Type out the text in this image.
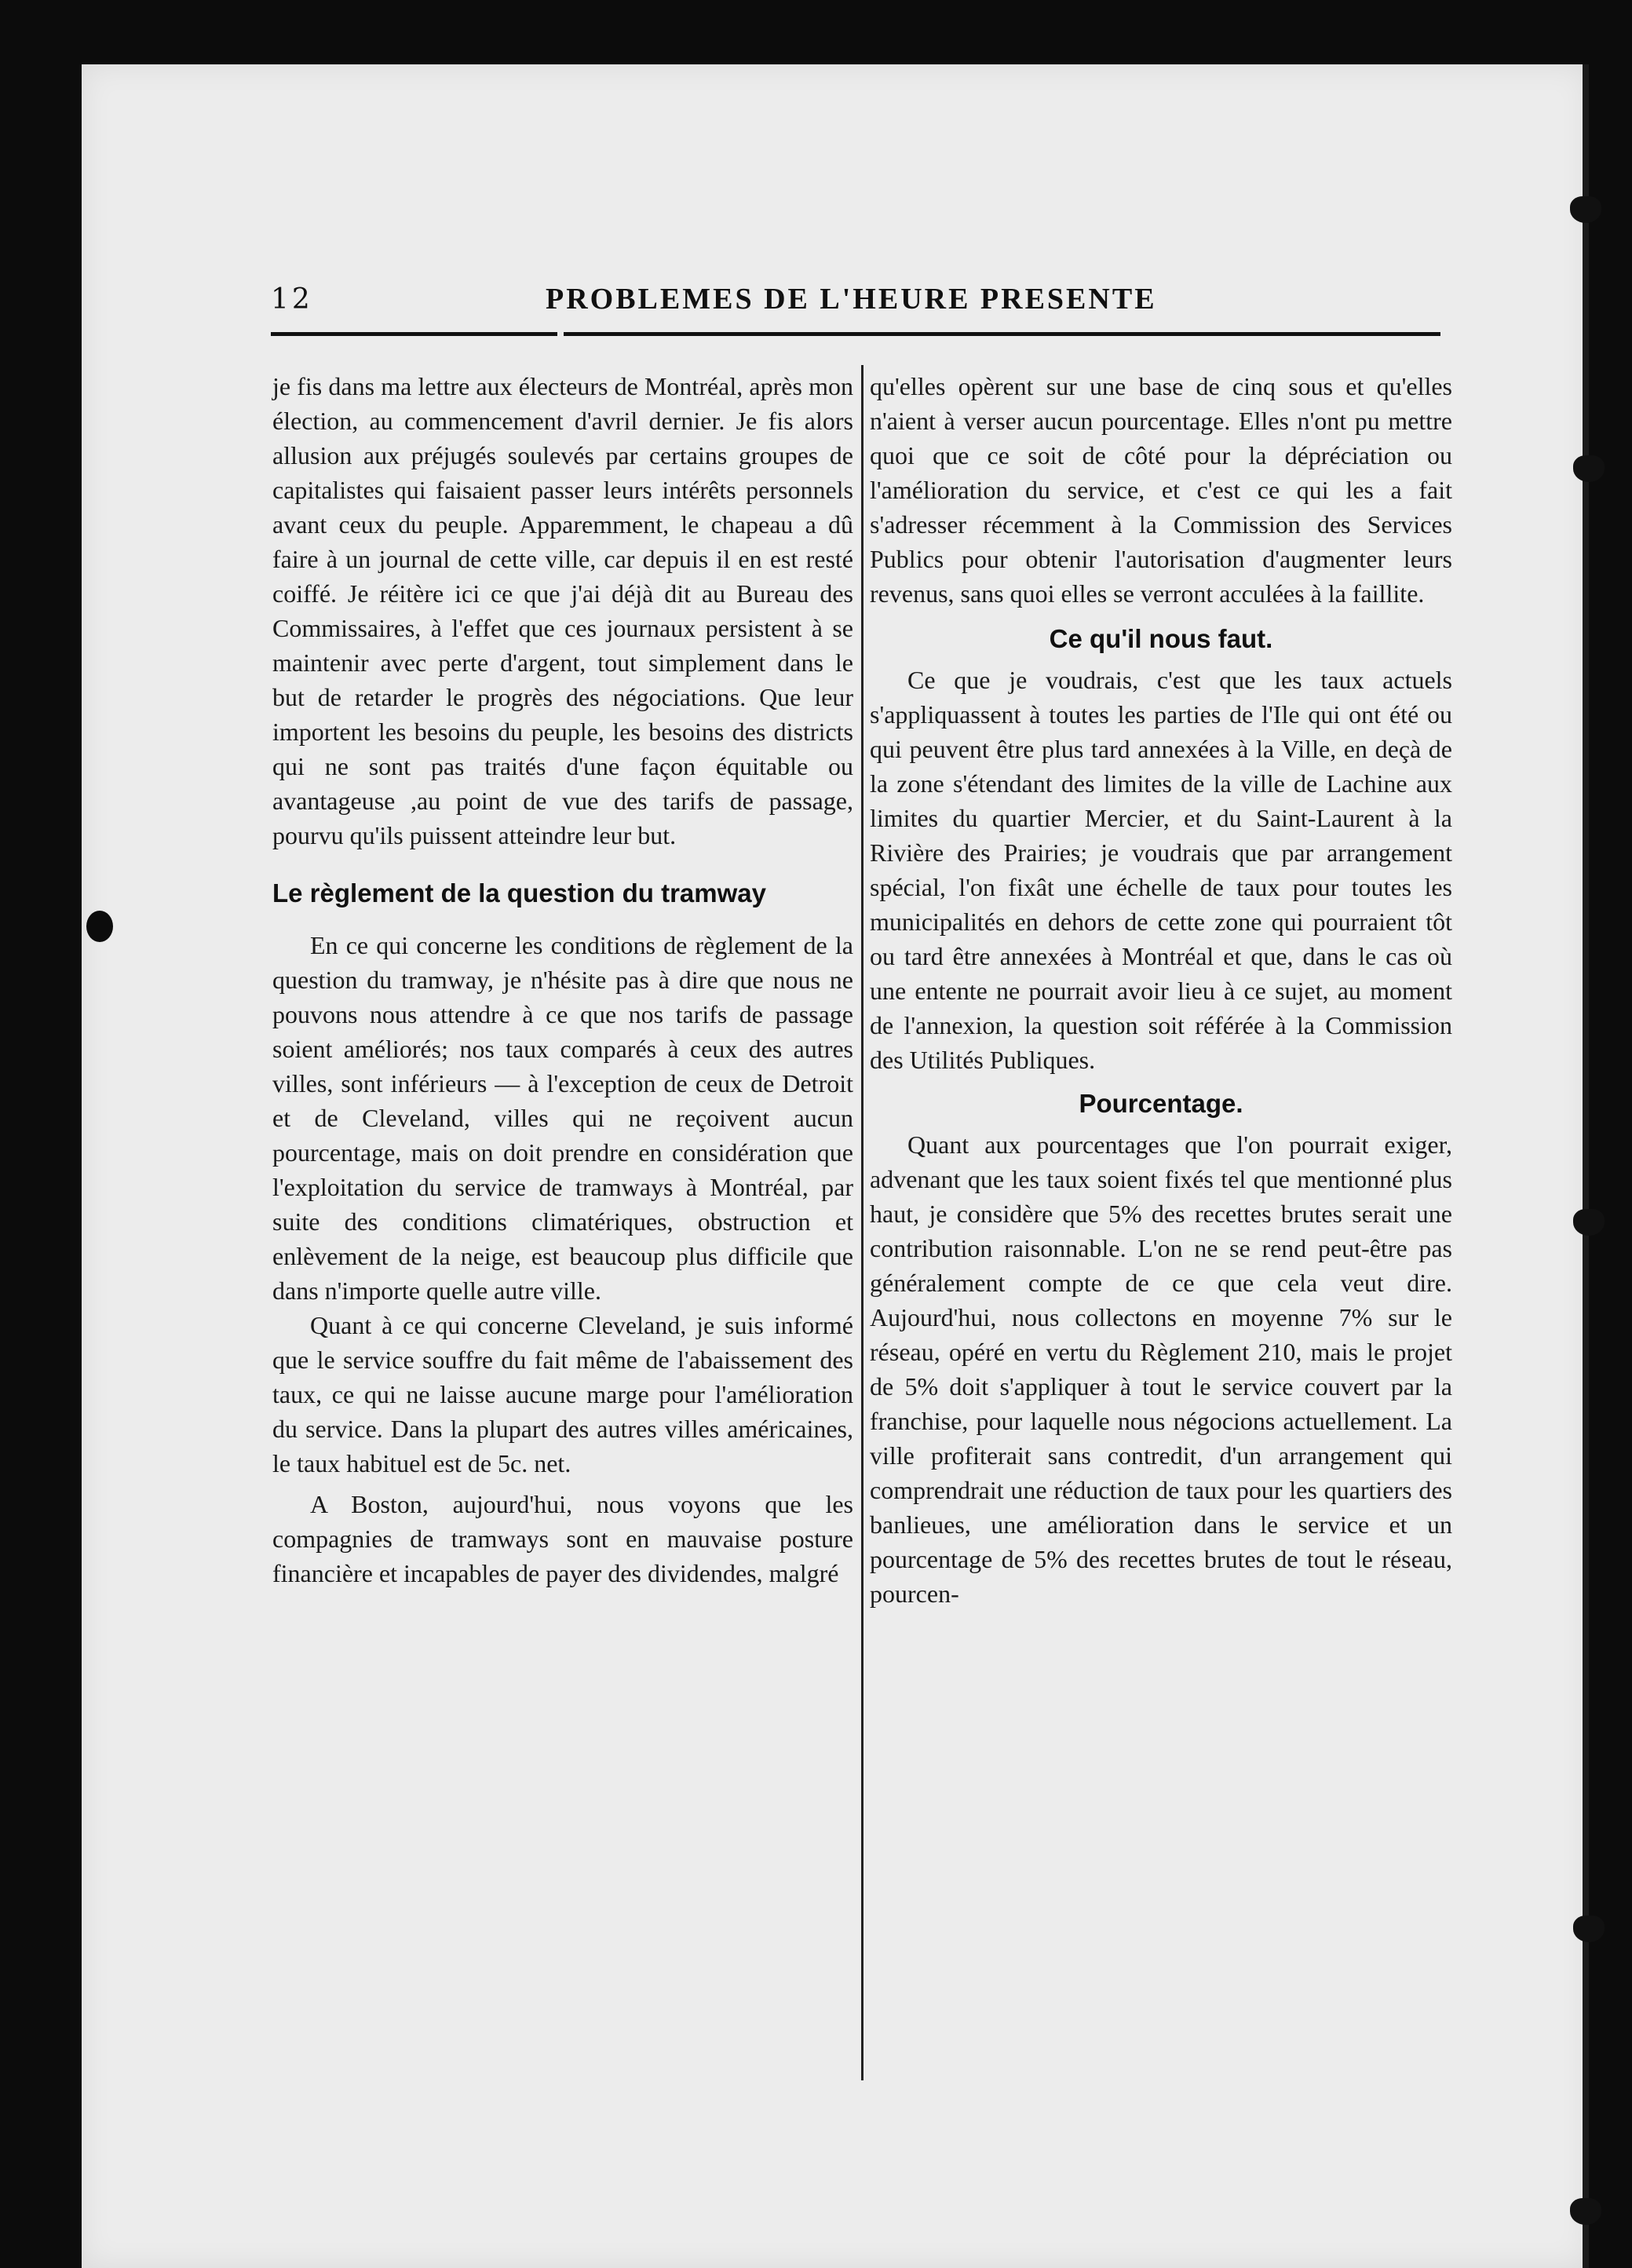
12	PROBLEMES DE L'HEURE PRESENTE

je fis dans ma lettre aux électeurs de Montréal, après mon élection, au commencement d'avril dernier. Je fis alors allusion aux préjugés soulevés par certains groupes de capitalistes qui faisaient passer leurs intérêts personnels avant ceux du peuple. Apparemment, le chapeau a dû faire à un journal de cette ville, car depuis il en est resté coiffé. Je réitère ici ce que j'ai déjà dit au Bureau des Commissaires, à l'effet que ces journaux persistent à se maintenir avec perte d'argent, tout simplement dans le but de retarder le progrès des négociations. Que leur importent les besoins du peuple, les besoins des districts qui ne sont pas traités d'une façon équitable ou avantageuse ,au point de vue des tarifs de passage, pourvu qu'ils puissent atteindre leur but.

Le règlement de la question du tramway

En ce qui concerne les conditions de règlement de la question du tramway, je n'hésite pas à dire que nous ne pouvons nous attendre à ce que nos tarifs de passage soient améliorés; nos taux comparés à ceux des autres villes, sont inférieurs — à l'exception de ceux de Detroit et de Cleveland, villes qui ne reçoivent aucun pourcentage, mais on doit prendre en considération que l'exploitation du service de tramways à Montréal, par suite des conditions climatériques, obstruction et enlèvement de la neige, est beaucoup plus difficile que dans n'importe quelle autre ville.

Quant à ce qui concerne Cleveland, je suis informé que le service souffre du fait même de l'abaissement des taux, ce qui ne laisse aucune marge pour l'amélioration du service. Dans la plupart des autres villes américaines, le taux habituel est de 5c. net.

A Boston, aujourd'hui, nous voyons que les compagnies de tramways sont en mauvaise posture financière et incapables de payer des dividendes, malgré

qu'elles opèrent sur une base de cinq sous et qu'elles n'aient à verser aucun pourcentage. Elles n'ont pu mettre quoi que ce soit de côté pour la dépréciation ou l'amélioration du service, et c'est ce qui les a fait s'adresser récemment à la Commission des Services Publics pour obtenir l'autorisation d'augmenter leurs revenus, sans quoi elles se verront acculées à la faillite.

Ce qu'il nous faut.

Ce que je voudrais, c'est que les taux actuels s'appliquassent à toutes les parties de l'Ile qui ont été ou qui peuvent être plus tard annexées à la Ville, en deçà de la zone s'étendant des limites de la ville de Lachine aux limites du quartier Mercier, et du Saint-Laurent à la Rivière des Prairies; je voudrais que par arrangement spécial, l'on fixât une échelle de taux pour toutes les municipalités en dehors de cette zone qui pourraient tôt ou tard être annexées à Montréal et que, dans le cas où une entente ne pourrait avoir lieu à ce sujet, au moment de l'annexion, la question soit référée à la Commission des Utilités Publiques.

Pourcentage.

Quant aux pourcentages que l'on pourrait exiger, advenant que les taux soient fixés tel que mentionné plus haut, je considère que 5% des recettes brutes serait une contribution raisonnable. L'on ne se rend peut-être pas généralement compte de ce que cela veut dire. Aujourd'hui, nous collectons en moyenne 7% sur le réseau, opéré en vertu du Règlement 210, mais le projet de 5% doit s'appliquer à tout le service couvert par la franchise, pour laquelle nous négocions actuellement. La ville profiterait sans contredit, d'un arrangement qui comprendrait une réduction de taux pour les quartiers des banlieues, une amélioration dans le service et un pourcentage de 5% des recettes brutes de tout le réseau, pourcen-
